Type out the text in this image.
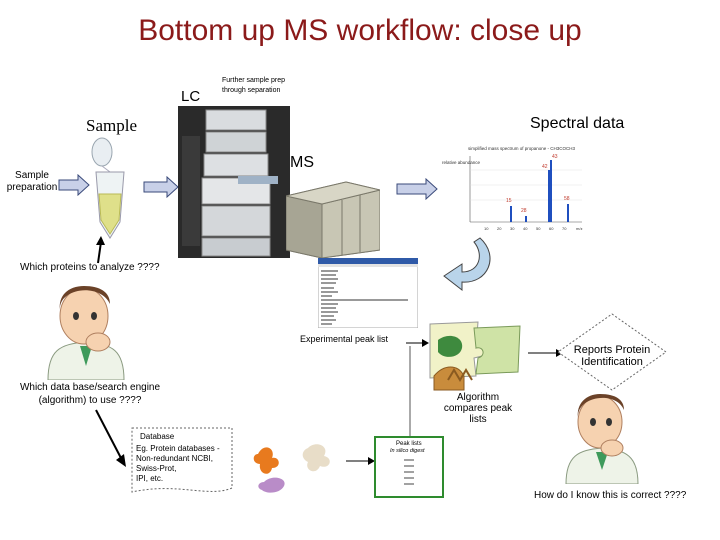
Bottom up MS workflow: close up
LC
Further sample prep through separation
Sample	Spectral data
Sample preparation
MS
simplified mass spectrum of propanone - CH3COCH3
relative abundance
15
28
42
43
58
10 20 30 40 50 60 70 m/z
Which proteins to analyze ????
Experimental peak list
Reports Protein Identification
Algorithm compares peak lists
Which data base/search engine (algorithm) to use ????
Database
Eg. Protein databases -
Non-redundant NCBI,
Swiss-Prot,
IPI, etc.
Peak lists
In silico digest
How do I know this is correct ????
